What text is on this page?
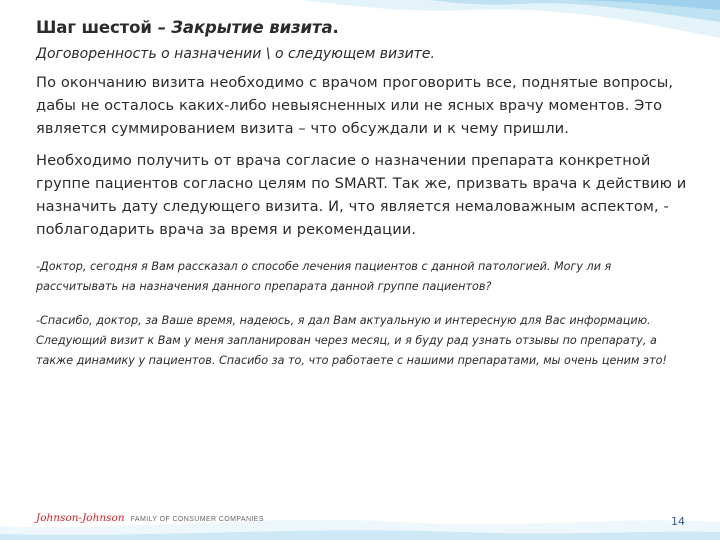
Шаг шестой – Закрытие визита.
Договоренность о назначении \ о следующем визите.
По окончанию визита необходимо с врачом проговорить все, поднятые вопросы, дабы не осталось каких-либо невыясненных или не ясных врачу моментов. Это является суммированием визита – что обсуждали и к чему пришли.
Необходимо получить от врача согласие о назначении препарата конкретной группе пациентов согласно целям по SMART. Так же, призвать врача к действию и назначить дату следующего визита. И, что является немаловажным аспектом, - поблагодарить врача за время и рекомендации.
-Доктор, сегодня я Вам рассказал о способе лечения пациентов с данной патологией. Могу ли я рассчитывать на назначения данного препарата данной группе пациентов?
-Спасибо, доктор, за Ваше время, надеюсь, я дал Вам актуальную и интересную для Вас информацию. Следующий визит к Вам у меня запланирован через месяц, и я буду рад узнать отзывы по препарату, а также динамику у пациентов. Спасибо за то, что работаете с нашими препаратами, мы очень ценим это!
Johnson-Johnson FAMILY OF CONSUMER COMPANIES	14
